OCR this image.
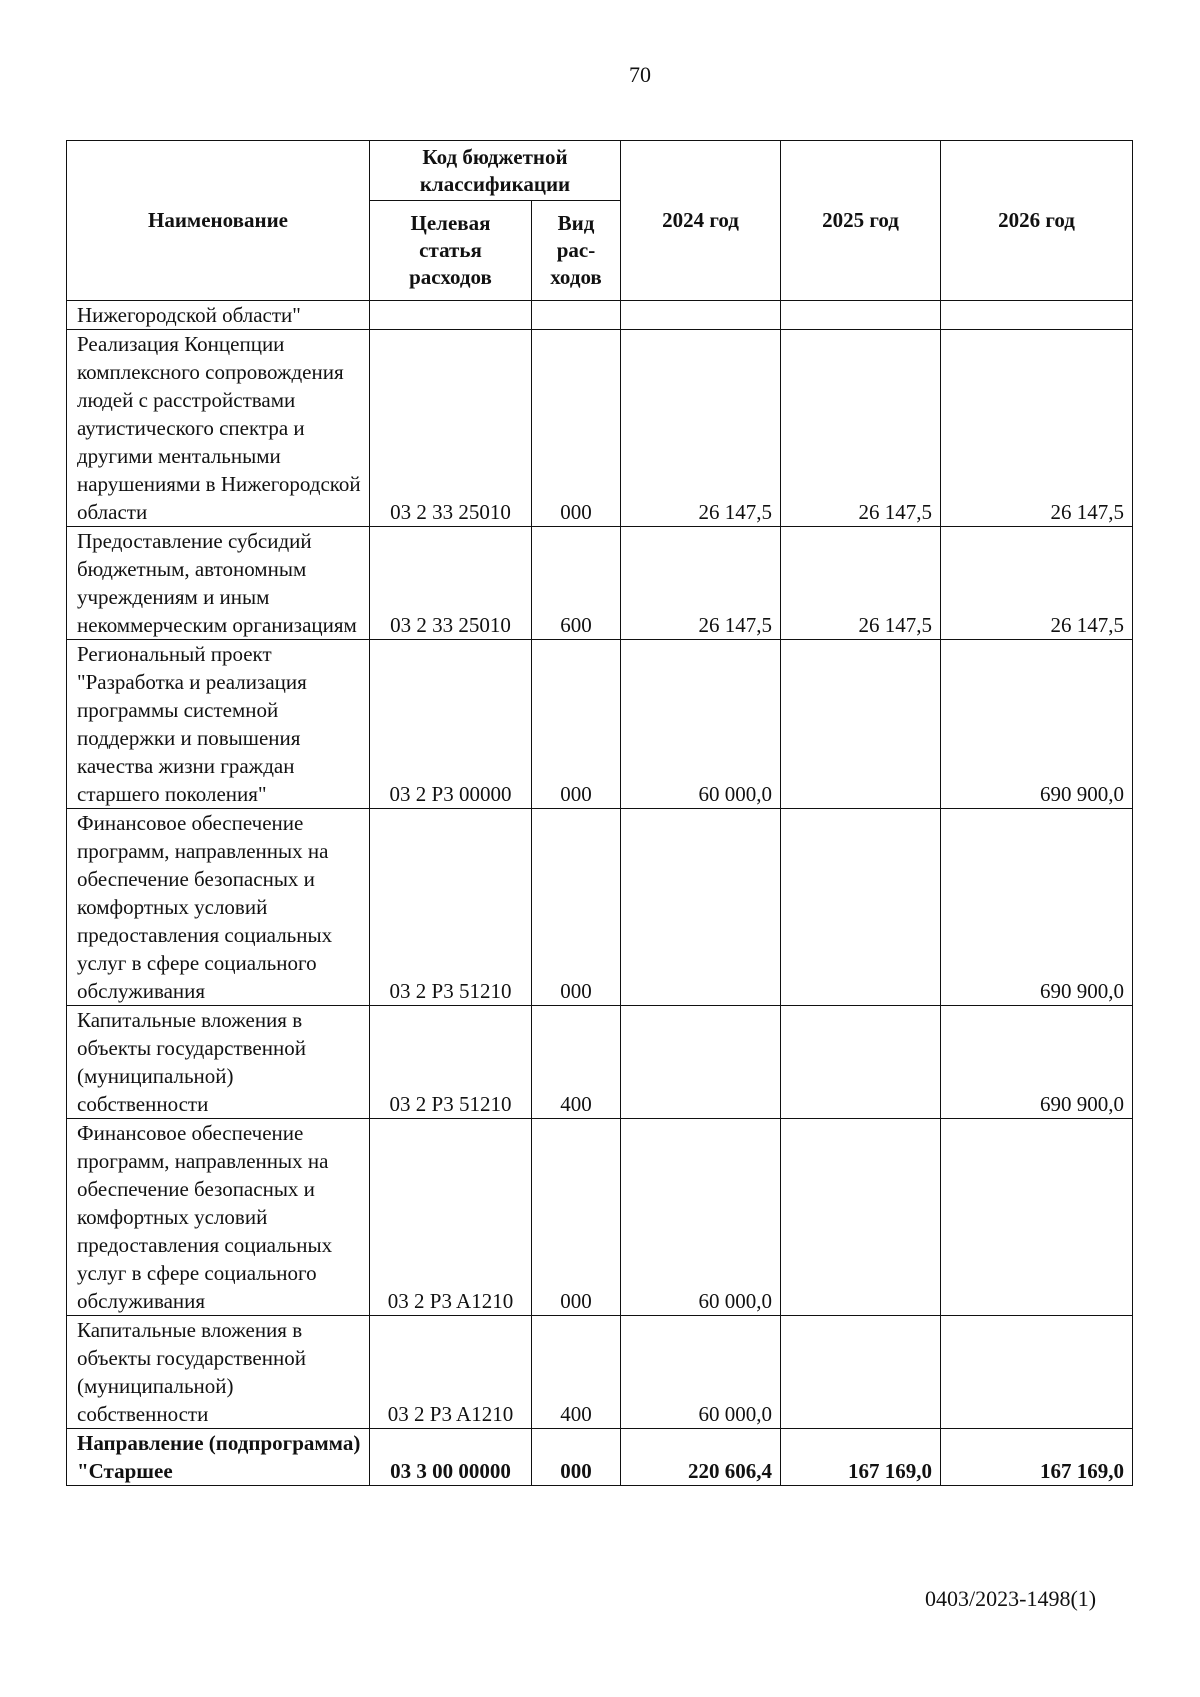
70
Наименование	Код бюджетной классификации		2024 год	2025 год	2026 год
	Целевая статья расходов	Вид рас-ходов			
Нижегородской области"					
Реализация Концепции комплексного сопровождения людей с расстройствами аутистического спектра и другими ментальными нарушениями в Нижегородской области	03 2 33 25010	000	26 147,5	26 147,5	26 147,5
Предоставление субсидий бюджетным, автономным учреждениям и иным некоммерческим организациям	03 2 33 25010	600	26 147,5	26 147,5	26 147,5
Региональный проект "Разработка и реализация программы системной поддержки и повышения качества жизни граждан старшего поколения"	03 2 P3 00000	000	60 000,0		690 900,0
Финансовое обеспечение программ, направленных на обеспечение безопасных и комфортных условий предоставления социальных услуг в сфере социального обслуживания	03 2 P3 51210	000			690 900,0
Капитальные вложения в объекты государственной (муниципальной) собственности	03 2 P3 51210	400			690 900,0
Финансовое обеспечение программ, направленных на обеспечение безопасных и комфортных условий предоставления социальных услуг в сфере социального обслуживания	03 2 P3 A1210	000	60 000,0		
Капитальные вложения в объекты государственной (муниципальной) собственности	03 2 P3 A1210	400	60 000,0		
Направление (подпрограмма) "Старшее	03 3 00 00000	000	220 606,4	167 169,0	167 169,0
0403/2023-1498(1)
